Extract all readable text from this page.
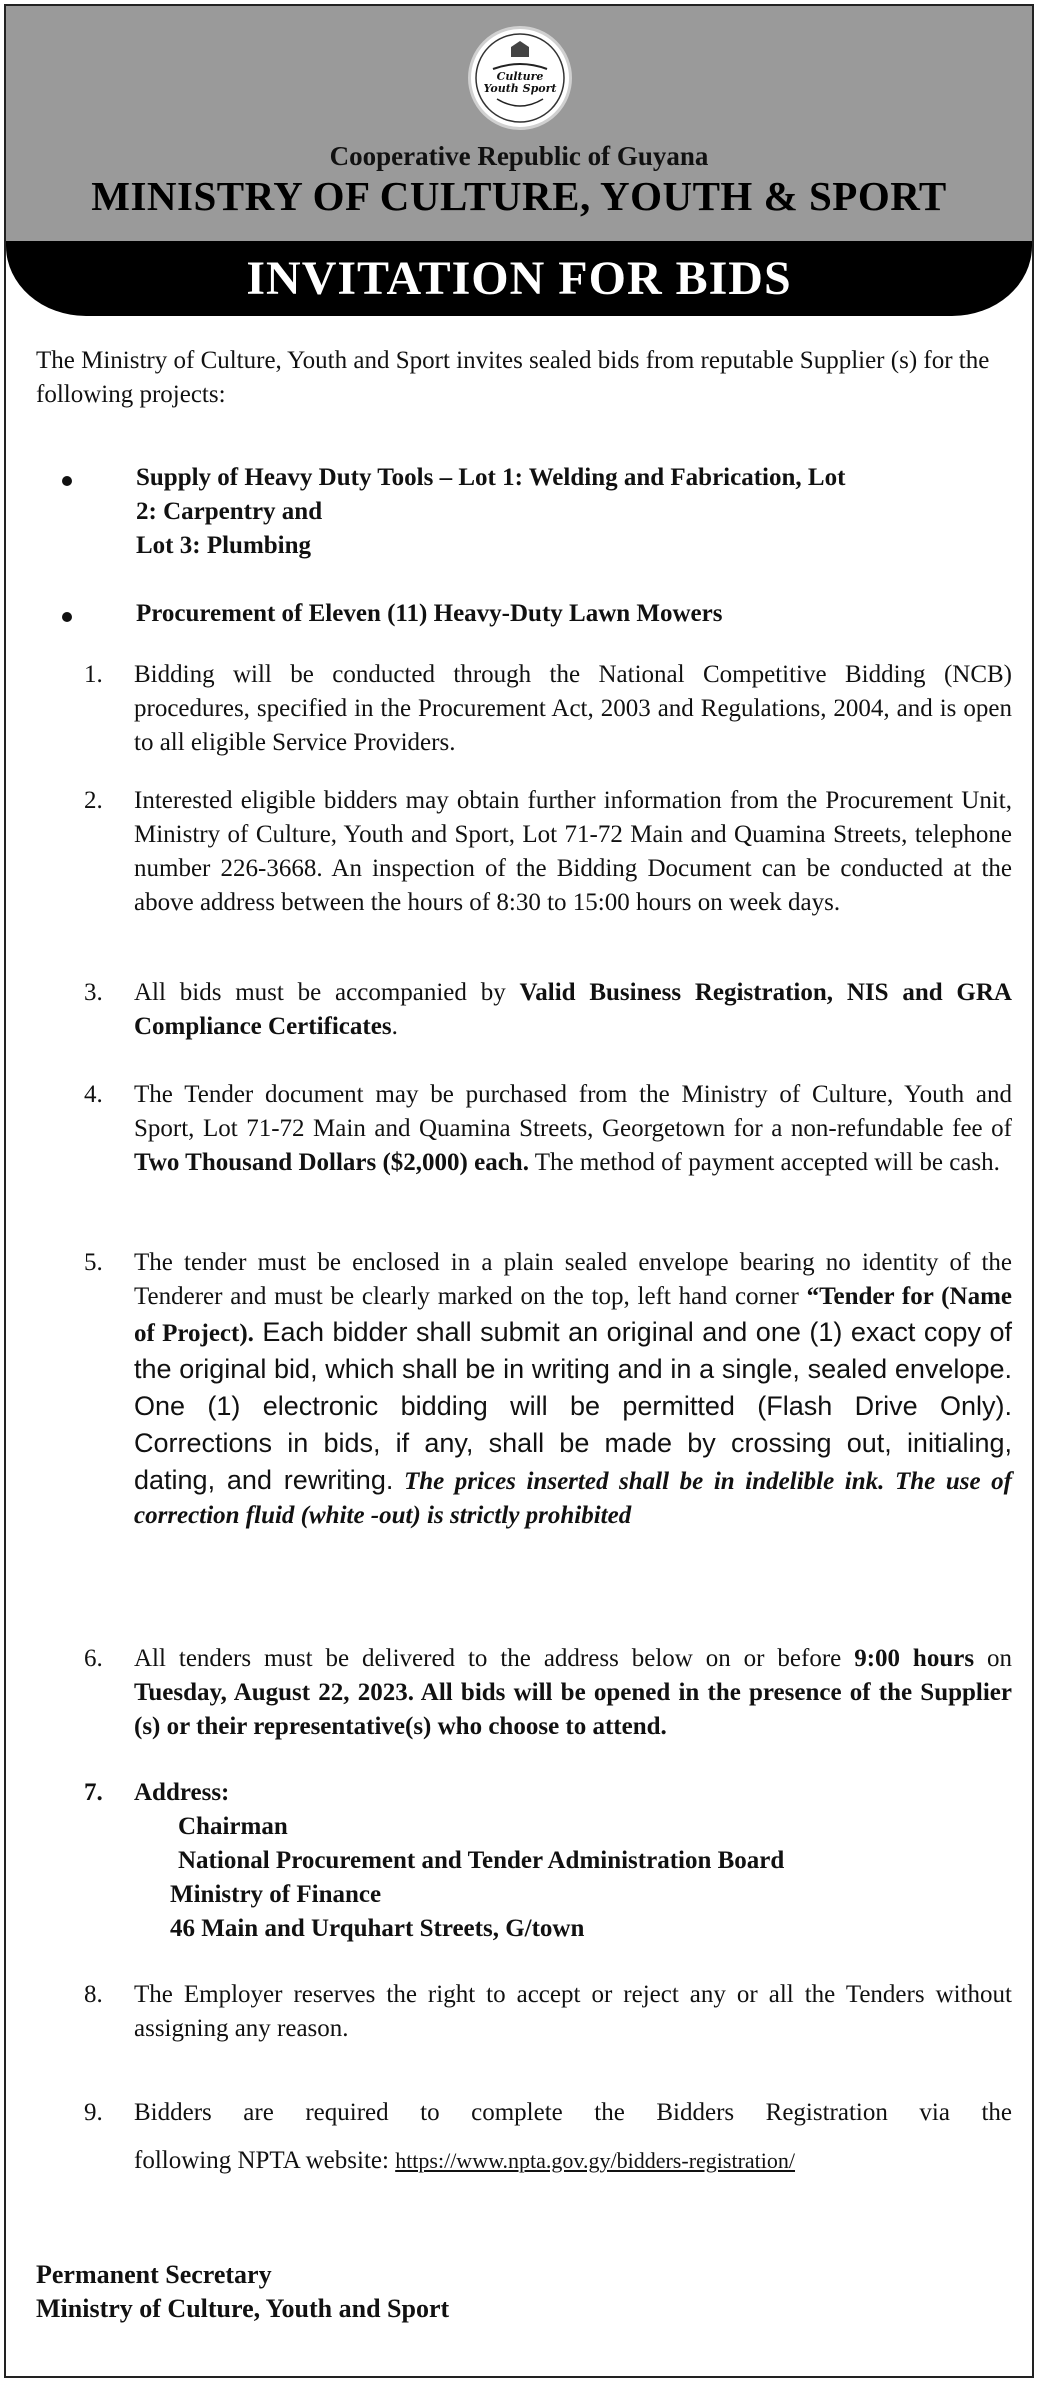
Culture Youth Sport
Cooperative Republic of Guyana
MINISTRY OF CULTURE, YOUTH & SPORT
INVITATION FOR BIDS
The Ministry of Culture, Youth and Sport invites sealed bids from reputable Supplier (s) for the following projects:
Supply of Heavy Duty Tools – Lot 1: Welding and Fabrication, Lot
2: Carpentry and
Lot 3: Plumbing
Procurement of Eleven (11) Heavy-Duty Lawn Mowers
1. Bidding will be conducted through the National Competitive Bidding (NCB) procedures, specified in the Procurement Act, 2003 and Regulations, 2004, and is open to all eligible Service Providers.
2. Interested eligible bidders may obtain further information from the Procurement Unit, Ministry of Culture, Youth and Sport, Lot 71-72 Main and Quamina Streets, telephone number 226-3668. An inspection of the Bidding Document can be conducted at the above address between the hours of 8:30 to 15:00 hours on week days.
3. All bids must be accompanied by Valid Business Registration, NIS and GRA Compliance Certificates.
4. The Tender document may be purchased from the Ministry of Culture, Youth and Sport, Lot 71-72 Main and Quamina Streets, Georgetown for a non-refundable fee of Two Thousand Dollars ($2,000) each. The method of payment accepted will be cash.
5. The tender must be enclosed in a plain sealed envelope bearing no identity of the Tenderer and must be clearly marked on the top, left hand corner “Tender for (Name of Project). Each bidder shall submit an original and one (1) exact copy of the original bid, which shall be in writing and in a single, sealed envelope. One (1) electronic bidding will be permitted (Flash Drive Only). Corrections in bids, if any, shall be made by crossing out, initialing, dating, and rewriting. The prices inserted shall be in indelible ink. The use of correction fluid (white -out) is strictly prohibited
6. All tenders must be delivered to the address below on or before 9:00 hours on Tuesday, August 22, 2023. All bids will be opened in the presence of the Supplier (s) or their representative(s) who choose to attend.
7. Address:
Chairman
National Procurement and Tender Administration Board
Ministry of Finance
46 Main and Urquhart Streets, G/town
8. The Employer reserves the right to accept or reject any or all the Tenders without assigning any reason.
9. Bidders are required to complete the Bidders Registration via the
following NPTA website: https://www.npta.gov.gy/bidders-registration/
Permanent Secretary
Ministry of Culture, Youth and Sport
